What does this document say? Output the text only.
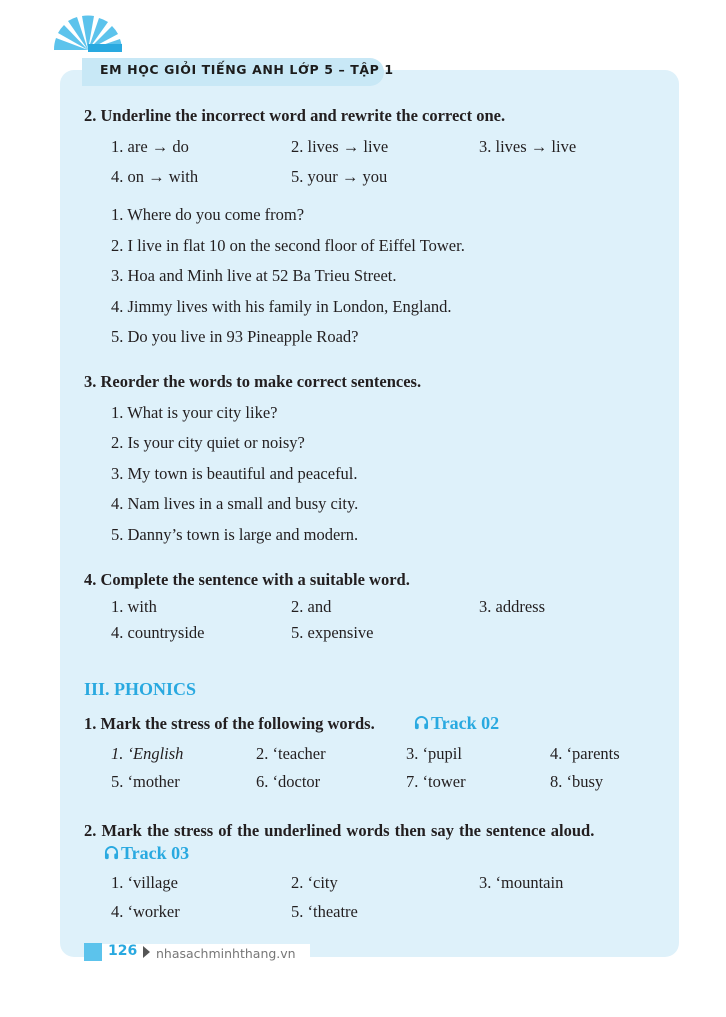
EM HỌC GIỎI TIẾNG ANH LỚP 5 – TẬP 1
2. Underline the incorrect word and rewrite the correct one.
1. are → do	2. lives → live	3. lives → live
4. on → with	5. your → you
1. Where do you come from?
2. I live in flat 10 on the second floor of Eiffel Tower.
3. Hoa and Minh live at 52 Ba Trieu Street.
4. Jimmy lives with his family in London, England.
5. Do you live in 93 Pineapple Road?
3. Reorder the words to make correct sentences.
1. What is your city like?
2. Is your city quiet or noisy?
3. My town is beautiful and peaceful.
4. Nam lives in a small and busy city.
5. Danny’s town is large and modern.
4. Complete the sentence with a suitable word.
1. with	2. and	3. address
4. countryside	5. expensive
III. PHONICS
1. Mark the stress of the following words.	Track 02
1. ‘English	2. ‘teacher	3. ‘pupil	4. ‘parents
5. ‘mother	6. ‘doctor	7. ‘tower	8. ‘busy
2. Mark the stress of the underlined words then say the sentence aloud.
Track 03
1. ‘village	2. ‘city	3. ‘mountain
4. ‘worker	5. ‘theatre
126 nhasachminhthang.vn
